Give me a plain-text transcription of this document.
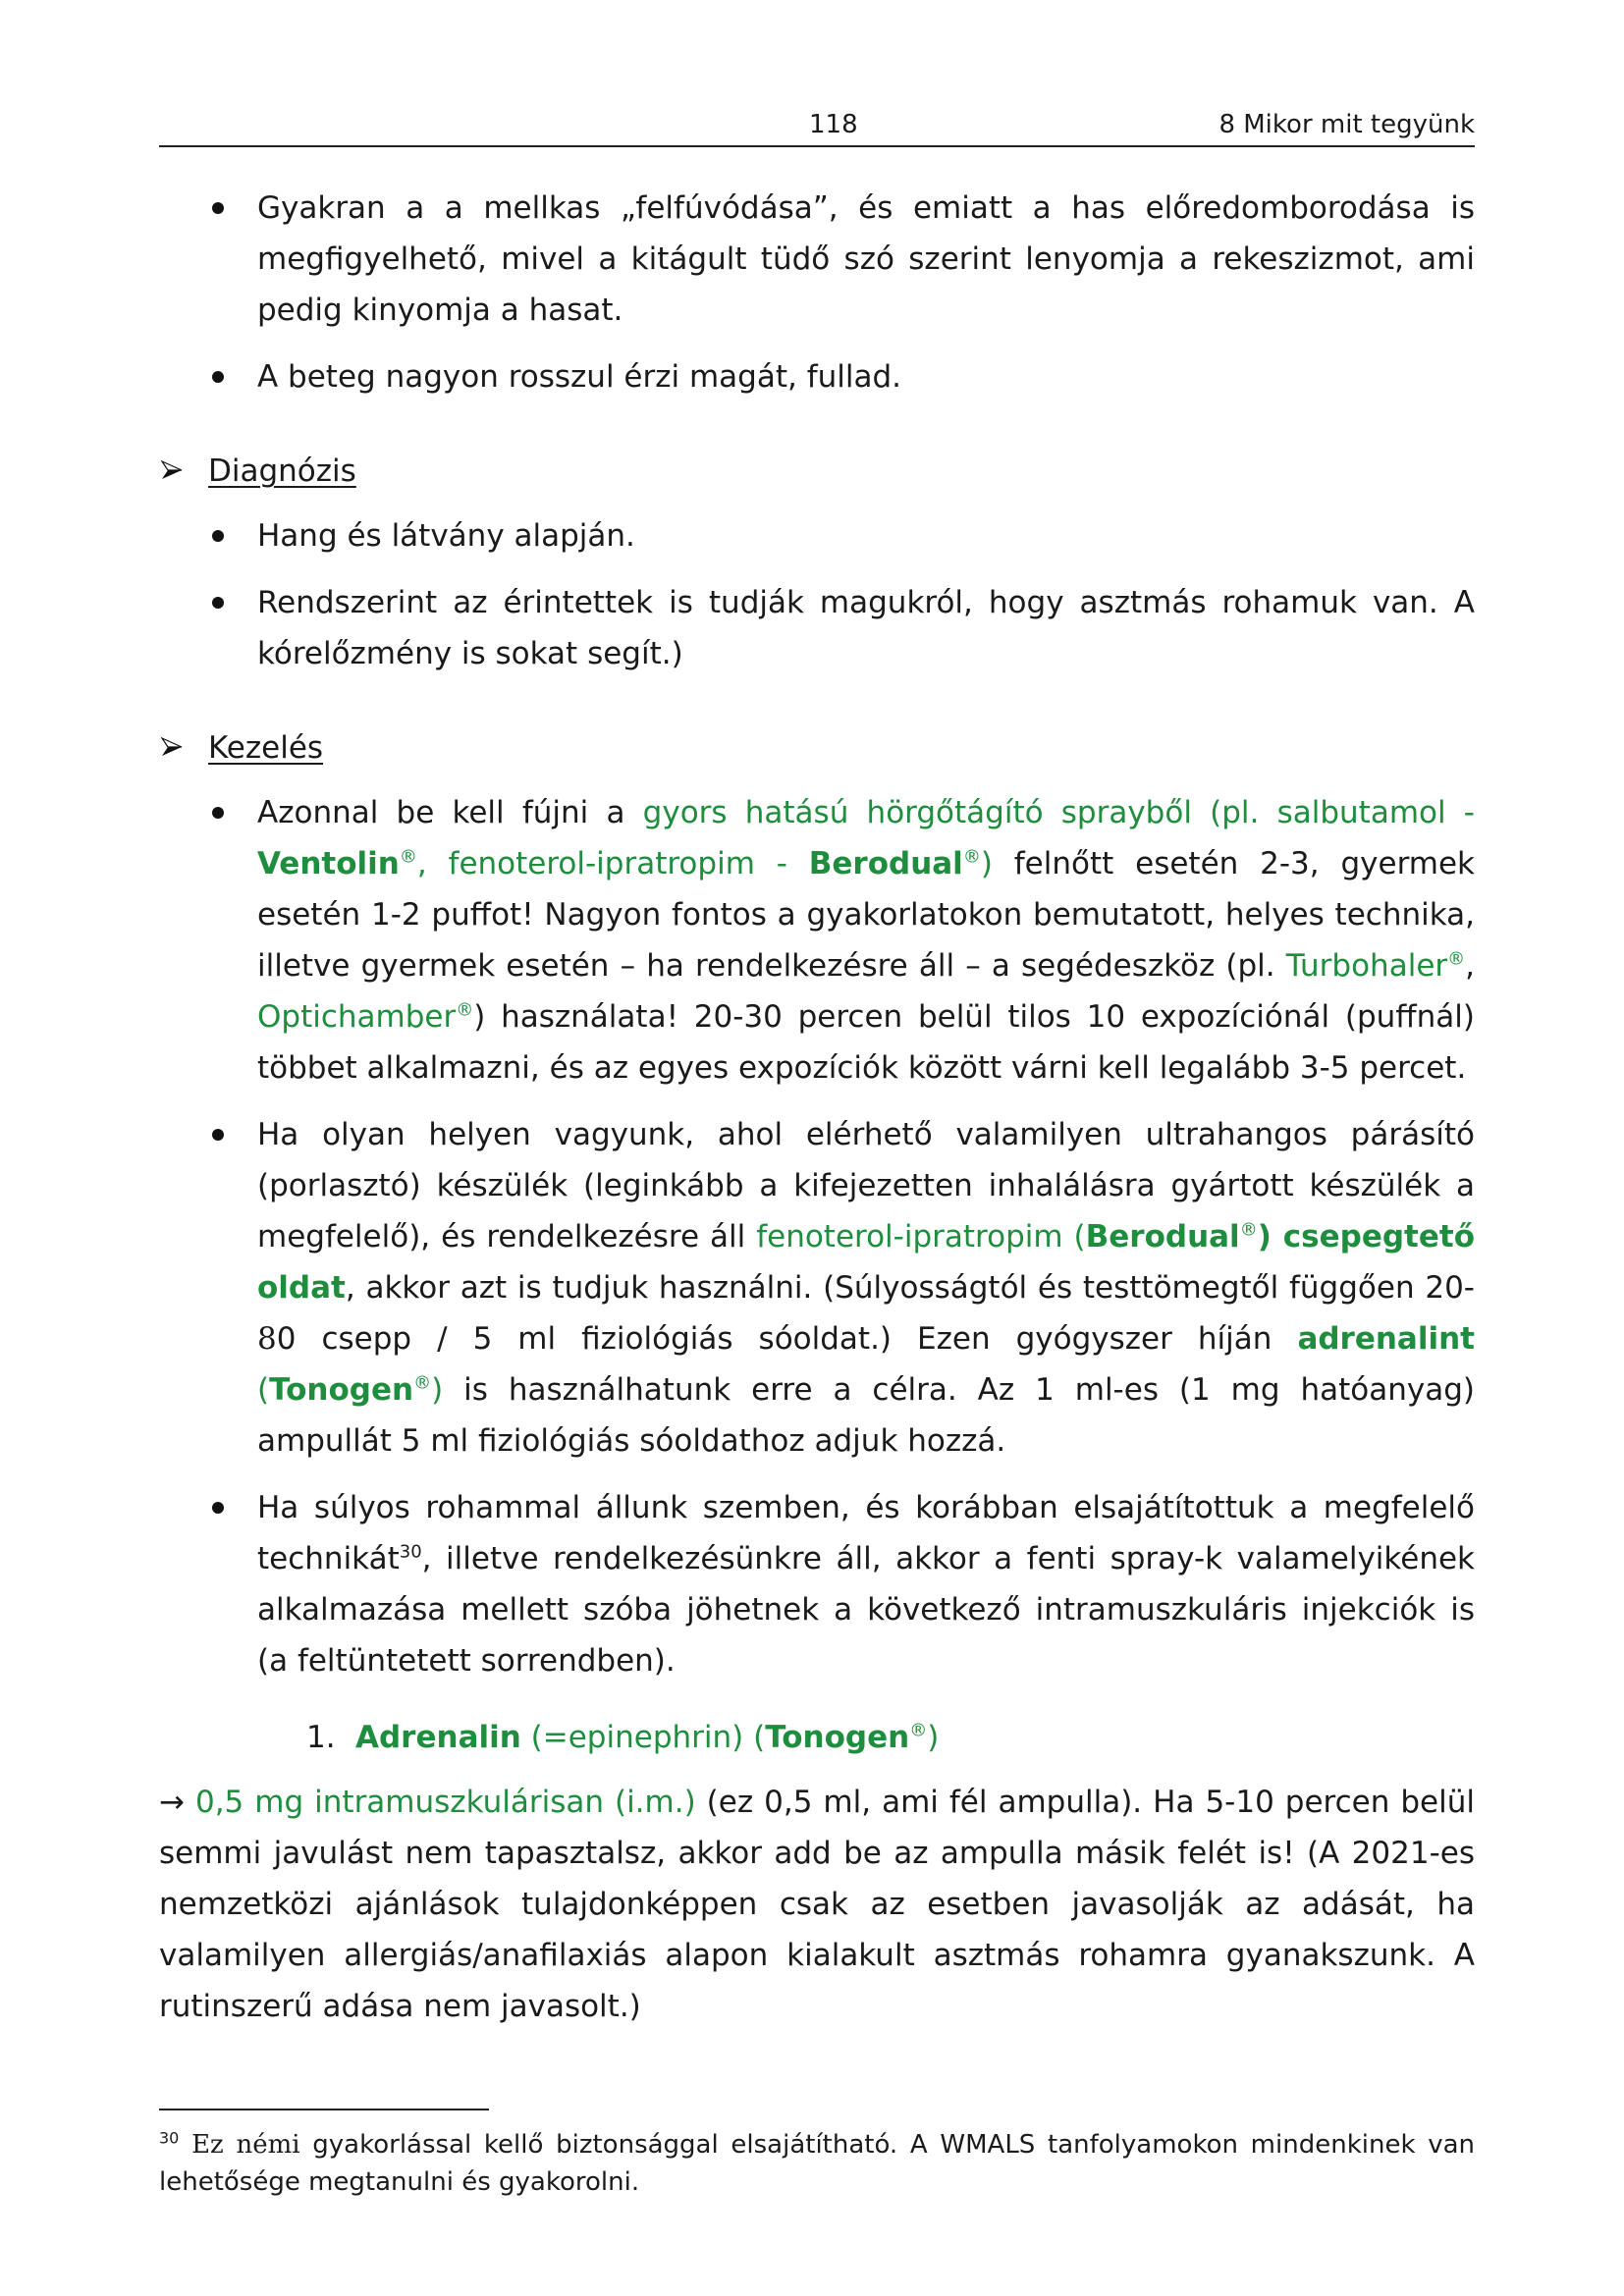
118	8 Mikor mit tegyünk
Gyakran a a mellkas „felfúvódása”, és emiatt a has előredomborodása is megfigyelhető, mivel a kitágult tüdő szó szerint lenyomja a rekeszizmot, ami pedig kinyomja a hasat.
A beteg nagyon rosszul érzi magát, fullad.
Diagnózis
Hang és látvány alapján.
Rendszerint az érintettek is tudják magukról, hogy asztmás rohamuk van. A kórelőzmény is sokat segít.)
Kezelés
Azonnal be kell fújni a gyors hatású hörgőtágító sprayből (pl. salbutamol - Ventolin®, fenoterol-ipratropim - Berodual®) felnőtt esetén 2-3, gyermek esetén 1-2 puffot! Nagyon fontos a gyakorlatokon bemutatott, helyes technika, illetve gyermek esetén – ha rendelkezésre áll – a segédeszköz (pl. Turbohaler®, Optichamber®) használata! 20-30 percen belül tilos 10 expozíciónál (puffnál) többet alkalmazni, és az egyes expozíciók között várni kell legalább 3-5 percet.
Ha olyan helyen vagyunk, ahol elérhető valamilyen ultrahangos párásító (porlasztó) készülék (leginkább a kifejezetten inhalálásra gyártott készülék a megfelelő), és rendelkezésre áll fenoterol-ipratropim (Berodual®) csepegtető oldat, akkor azt is tudjuk használni. (Súlyosságtól és testtömegtől függően 20-80 csepp / 5 ml fiziológiás sóoldat.) Ezen gyógyszer híján adrenalint (Tonogen®) is használhatunk erre a célra. Az 1 ml-es (1 mg hatóanyag) ampullát 5 ml fiziológiás sóoldathoz adjuk hozzá.
Ha súlyos rohammal állunk szemben, és korábban elsajátítottuk a megfelelő technikát$^{30}$, illetve rendelkezésünkre áll, akkor a fenti spray-k valamelyikének alkalmazása mellett szóba jöhetnek a következő intramuszkuláris injekciók is (a feltüntetett sorrendben).
1. Adrenalin (=epinephrin) (Tonogen®)
→ 0,5 mg intramuszkulárisan (i.m.) (ez 0,5 ml, ami fél ampulla). Ha 5-10 percen belül semmi javulást nem tapasztalsz, akkor add be az ampulla másik felét is! (A 2021-es nemzetközi ajánlások tulajdonképpen csak az esetben javasolják az adását, ha valamilyen allergiás/anafilaxiás alapon kialakult asztmás rohamra gyanakszunk. A rutinszerű adása nem javasolt.)
$^{30}$ Ez némi gyakorlással kellő biztonsággal elsajátítható. A WMALS tanfolyamokon mindenkinek van lehetősége megtanulni és gyakorolni.
